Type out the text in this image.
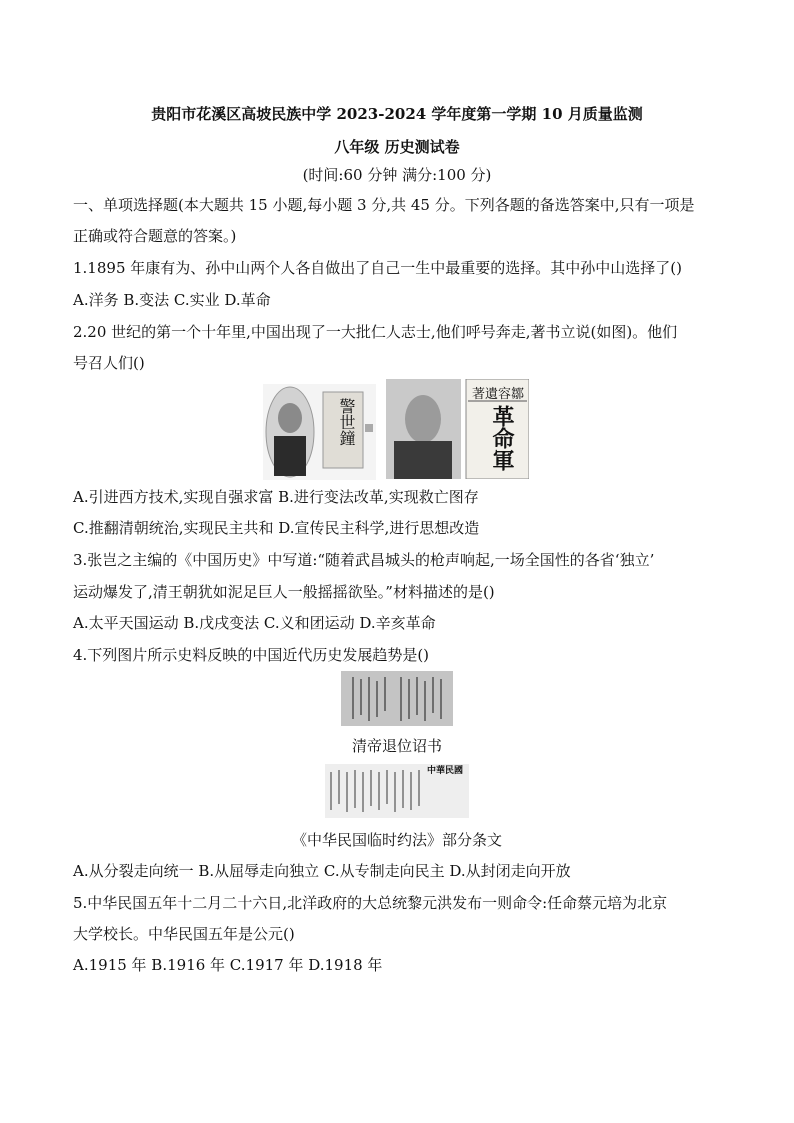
贵阳市花溪区高坡民族中学 2023-2024 学年度第一学期 10 月质量监测
八年级 历史测试卷
(时间:60 分钟 满分:100 分)
一、单项选择题(本大题共 15 小题,每小题 3 分,共 45 分。下列各题的备选答案中,只有一项是
正确或符合题意的答案。)
1.1895 年康有为、孙中山两个人各自做出了自己一生中最重要的选择。其中孙中山选择了()
A.洋务 B.变法 C.实业 D.革命
2.20 世纪的第一个十年里,中国出现了一大批仁人志士,他们呼号奔走,著书立说(如图)。他们
号召人们()
警世鐘
著遺容鄒
革命軍
A.引进西方技术,实现自强求富 B.进行变法改革,实现救亡图存
C.推翻清朝统治,实现民主共和 D.宣传民主科学,进行思想改造
3.张岂之主编的《中国历史》中写道:“随着武昌城头的枪声响起,一场全国性的各省‘独立’
运动爆发了,清王朝犹如泥足巨人一般摇摇欲坠。”材料描述的是()
A.太平天国运动 B.戊戌变法 C.义和团运动 D.辛亥革命
4.下列图片所示史料反映的中国近代历史发展趋势是()
清帝退位诏书
中華民國
《中华民国临时约法》部分条文
A.从分裂走向统一 B.从屈辱走向独立 C.从专制走向民主 D.从封闭走向开放
5.中华民国五年十二月二十六日,北洋政府的大总统黎元洪发布一则命令:任命蔡元培为北京
大学校长。中华民国五年是公元()
A.1915 年 B.1916 年 C.1917 年 D.1918 年
